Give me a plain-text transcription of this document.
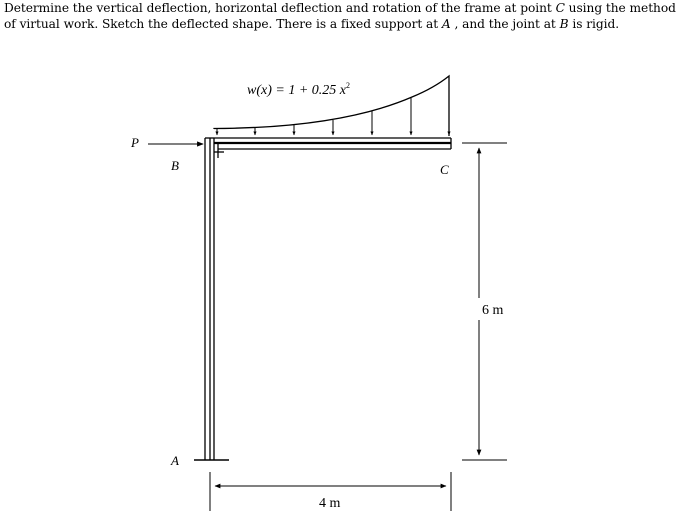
Determine the vertical deflection, horizontal deflection and rotation of the frame at point C using the method

of virtual work. Sketch the deflected shape. There is a fixed support at A , and the joint at B is rigid.

w(x) = 1 + 0.25 $x^2$
P
B	C
A
6 m
4 m
